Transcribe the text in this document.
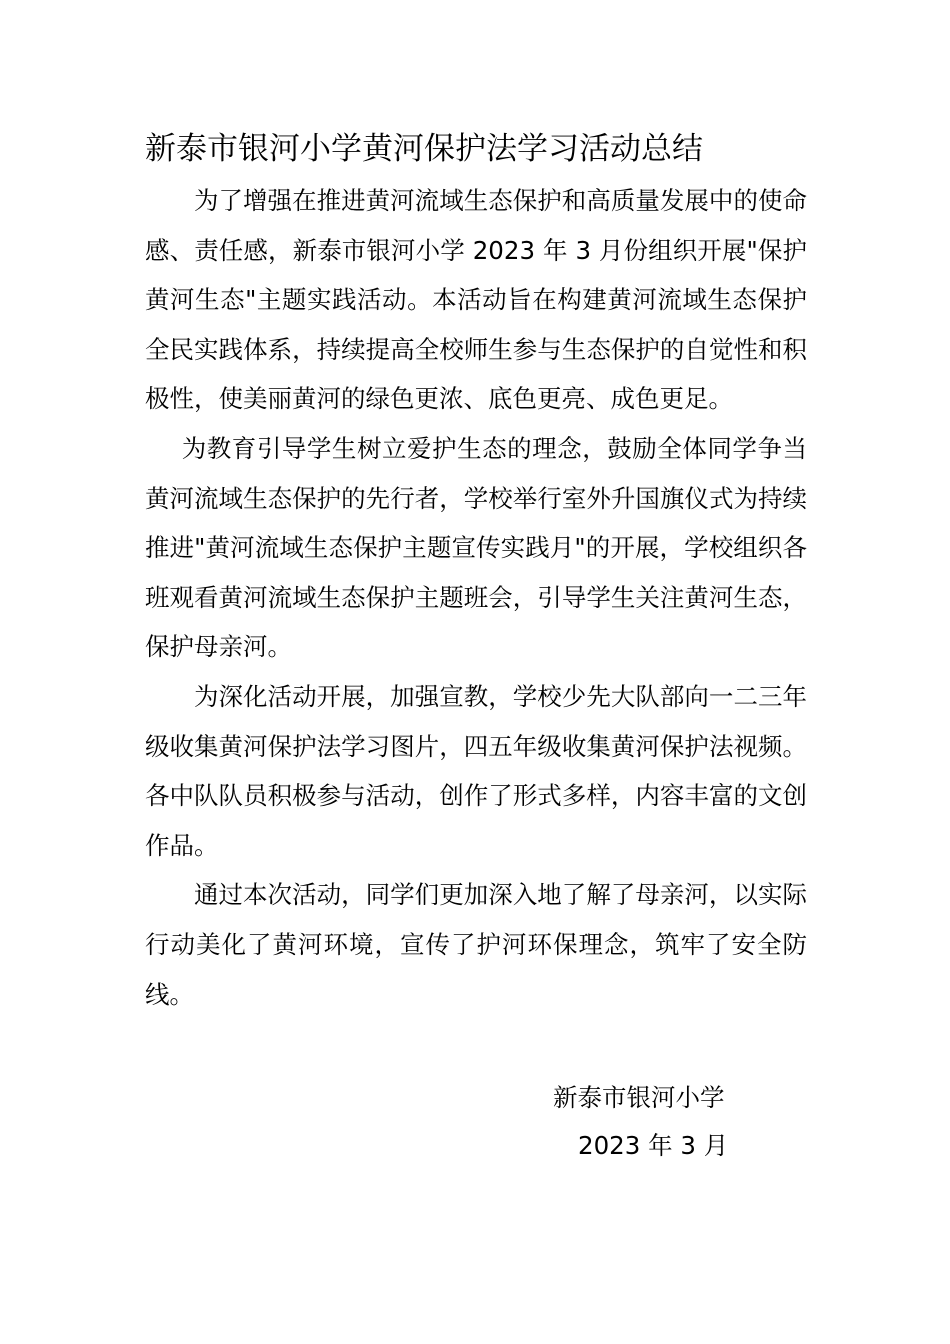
新泰市银河小学黄河保护法学习活动总结

为了增强在推进黄河流域生态保护和高质量发展中的使命感、责任感，新泰市银河小学 2023 年 3 月份组织开展"保护黄河生态"主题实践活动。本活动旨在构建黄河流域生态保护全民实践体系，持续提高全校师生参与生态保护的自觉性和积极性，使美丽黄河的绿色更浓、底色更亮、成色更足。

为教育引导学生树立爱护生态的理念，鼓励全体同学争当黄河流域生态保护的先行者，学校举行室外升国旗仪式为持续推进"黄河流域生态保护主题宣传实践月"的开展，学校组织各班观看黄河流域生态保护主题班会，引导学生关注黄河生态，保护母亲河。

为深化活动开展，加强宣教，学校少先大队部向一二三年级收集黄河保护法学习图片，四五年级收集黄河保护法视频。各中队队员积极参与活动，创作了形式多样，内容丰富的文创作品。

通过本次活动，同学们更加深入地了解了母亲河，以实际行动美化了黄河环境，宣传了护河环保理念，筑牢了安全防线。

新泰市银河小学
2023 年 3 月
